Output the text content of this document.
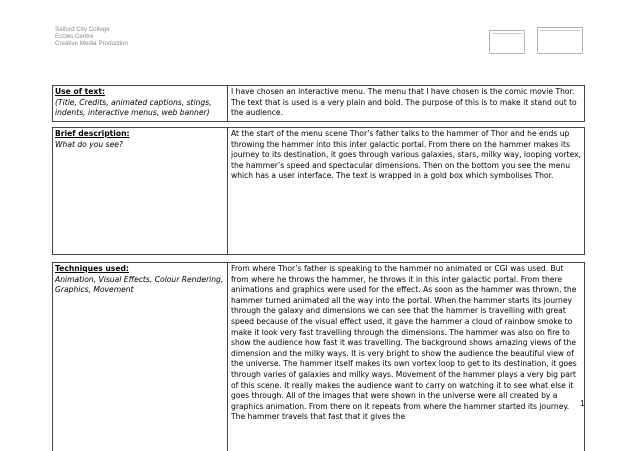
Salford City College
Eccles Centre
Creative Media Production
Use of text:
(Title, Credits, animated captions, stings, indents, interactive menus, web banner)
I have chosen an interactive menu. The menu that I have chosen is the comic movie Thor. The text that is used is a very plain and bold. The purpose of this is to make it stand out to the audience.
Brief description:
What do you see?
At the start of the menu scene Thor’s father talks to the hammer of Thor and he ends up throwing the hammer into this inter galactic portal. From there on the hammer makes its journey to its destination, it goes through various galaxies, stars, milky way, looping vortex, the hammer’s speed and spectacular dimensions. Then on the bottom you see the menu which has a user interface. The text is wrapped in a gold box which symbolises Thor.
Techniques used:
Animation, Visual Effects, Colour Rendering, Graphics, Movement
From where Thor’s father is speaking to the hammer no animated or CGI was used. But from where he throws the hammer, he throws it in this inter galactic portal. From there animations and graphics were used for the effect. As soon as the hammer was thrown, the hammer turned animated all the way into the portal. When the hammer starts its journey through the galaxy and dimensions we can see that the hammer is travelling with great speed because of the visual effect used, it gave the hammer a cloud of rainbow smoke to make it look very fast travelling through the dimensions. The hammer was also on fire to show the audience how fast it was travelling. The background shows amazing views of the dimension and the milky ways. It is very bright to show the audience the beautiful view of the universe. The hammer itself makes its own vortex loop to get to its destination, it goes through varies of galaxies and milky ways. Movement of the hammer plays a very big part of this scene. It really makes the audience want to carry on watching it to see what else it goes through. All of the images that were shown in the universe were all created by a graphics animation. From there on it repeats from where the hammer started its journey. The hammer travels that fast that it gives the
1
